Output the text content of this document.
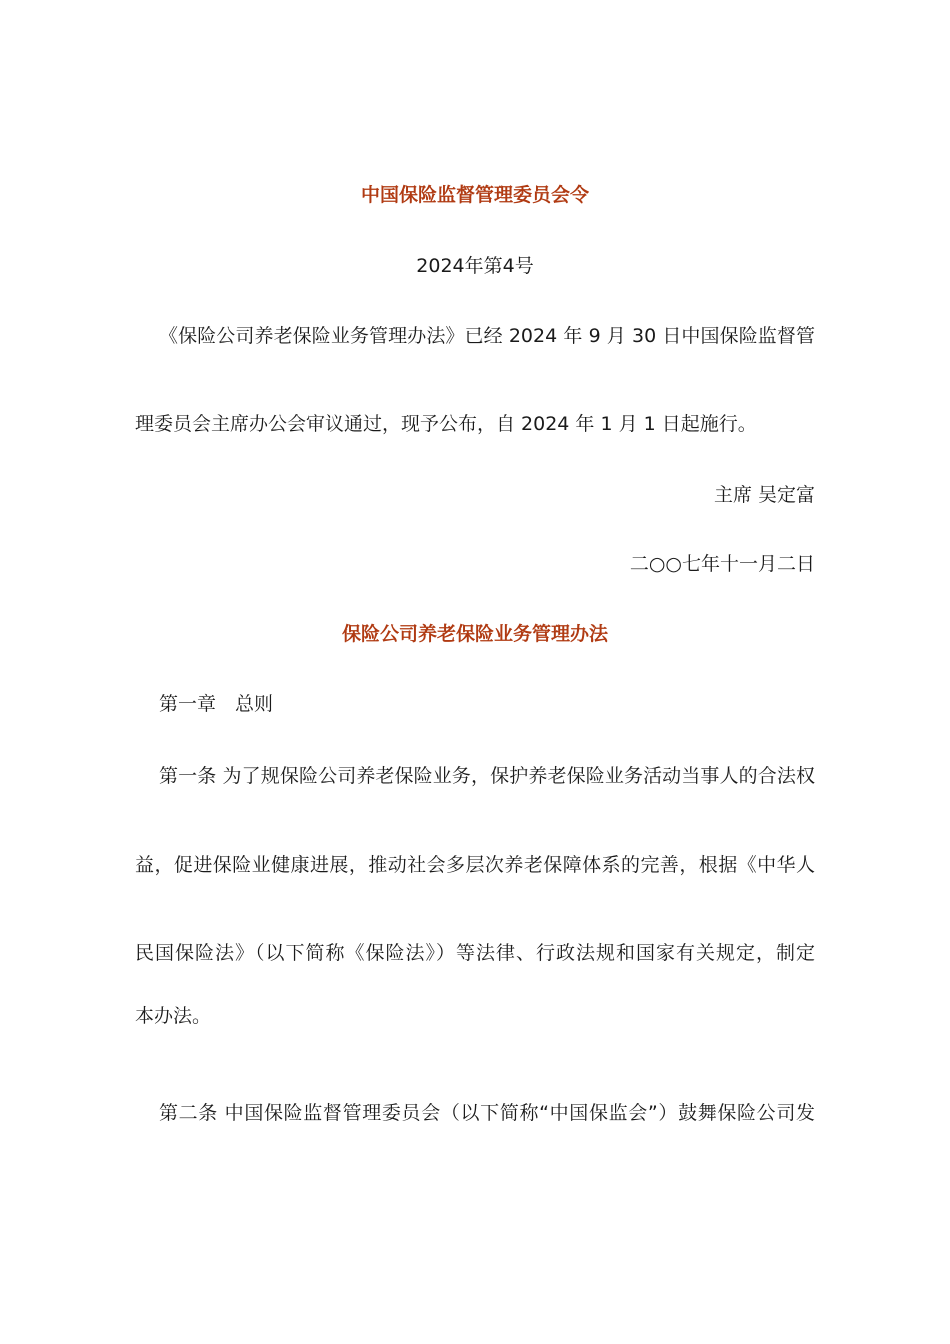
中国保险监督管理委员会令
2024年第4号
《保险公司养老保险业务管理办法》已经 2024 年 9 月 30 日中国保险监督管
理委员会主席办公会审议通过，现予公布，自 2024 年 1 月 1 日起施行。
主席 吴定富
二○○七年十一月二日
保险公司养老保险业务管理办法
第一章　总则
第一条 为了规保险公司养老保险业务，保护养老保险业务活动当事人的合法权
益，促进保险业健康进展，推动社会多层次养老保障体系的完善，根据《中华人
民国保险法》（以下简称《保险法》）等法律、行政法规和国家有关规定，制定
本办法。
第二条 中国保险监督管理委员会（以下简称“中国保监会”）鼓舞保险公司发
